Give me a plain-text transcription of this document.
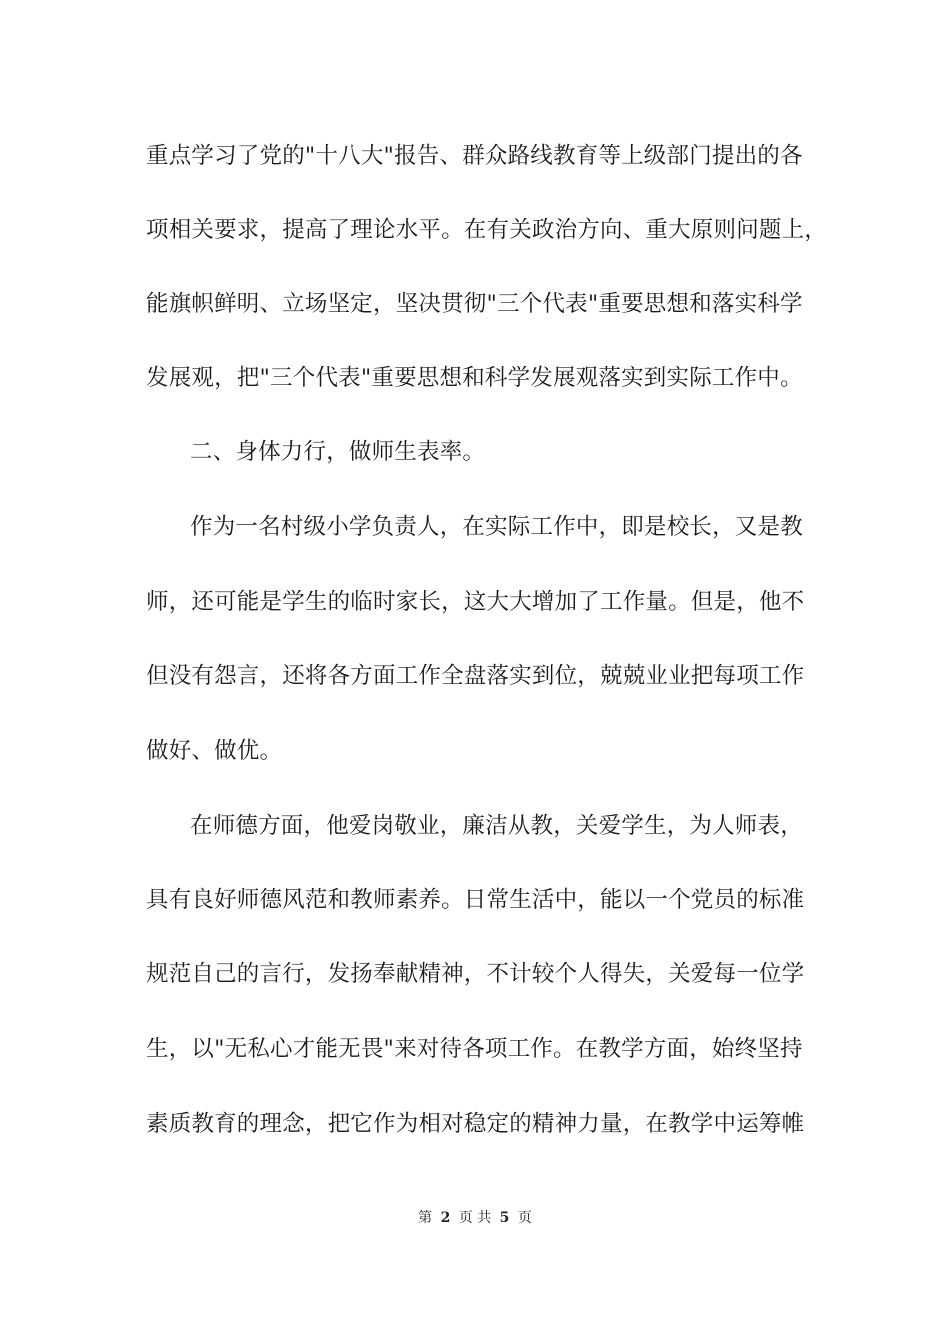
重点学习了党的"十八大"报告、群众路线教育等上级部门提出的各
项相关要求，提高了理论水平。在有关政治方向、重大原则问题上，
能旗帜鲜明、立场坚定，坚决贯彻"三个代表"重要思想和落实科学
发展观，把"三个代表"重要思想和科学发展观落实到实际工作中。
二、身体力行，做师生表率。
作为一名村级小学负责人，在实际工作中，即是校长，又是教
师，还可能是学生的临时家长，这大大增加了工作量。但是，他不
但没有怨言，还将各方面工作全盘落实到位，兢兢业业把每项工作
做好、做优。
在师德方面，他爱岗敬业，廉洁从教，关爱学生，为人师表，
具有良好师德风范和教师素养。日常生活中，能以一个党员的标准
规范自己的言行，发扬奉献精神，不计较个人得失，关爱每一位学
生，以"无私心才能无畏"来对待各项工作。在教学方面，始终坚持
素质教育的理念，把它作为相对稳定的精神力量，在教学中运筹帷
第 2 页 共 5 页
